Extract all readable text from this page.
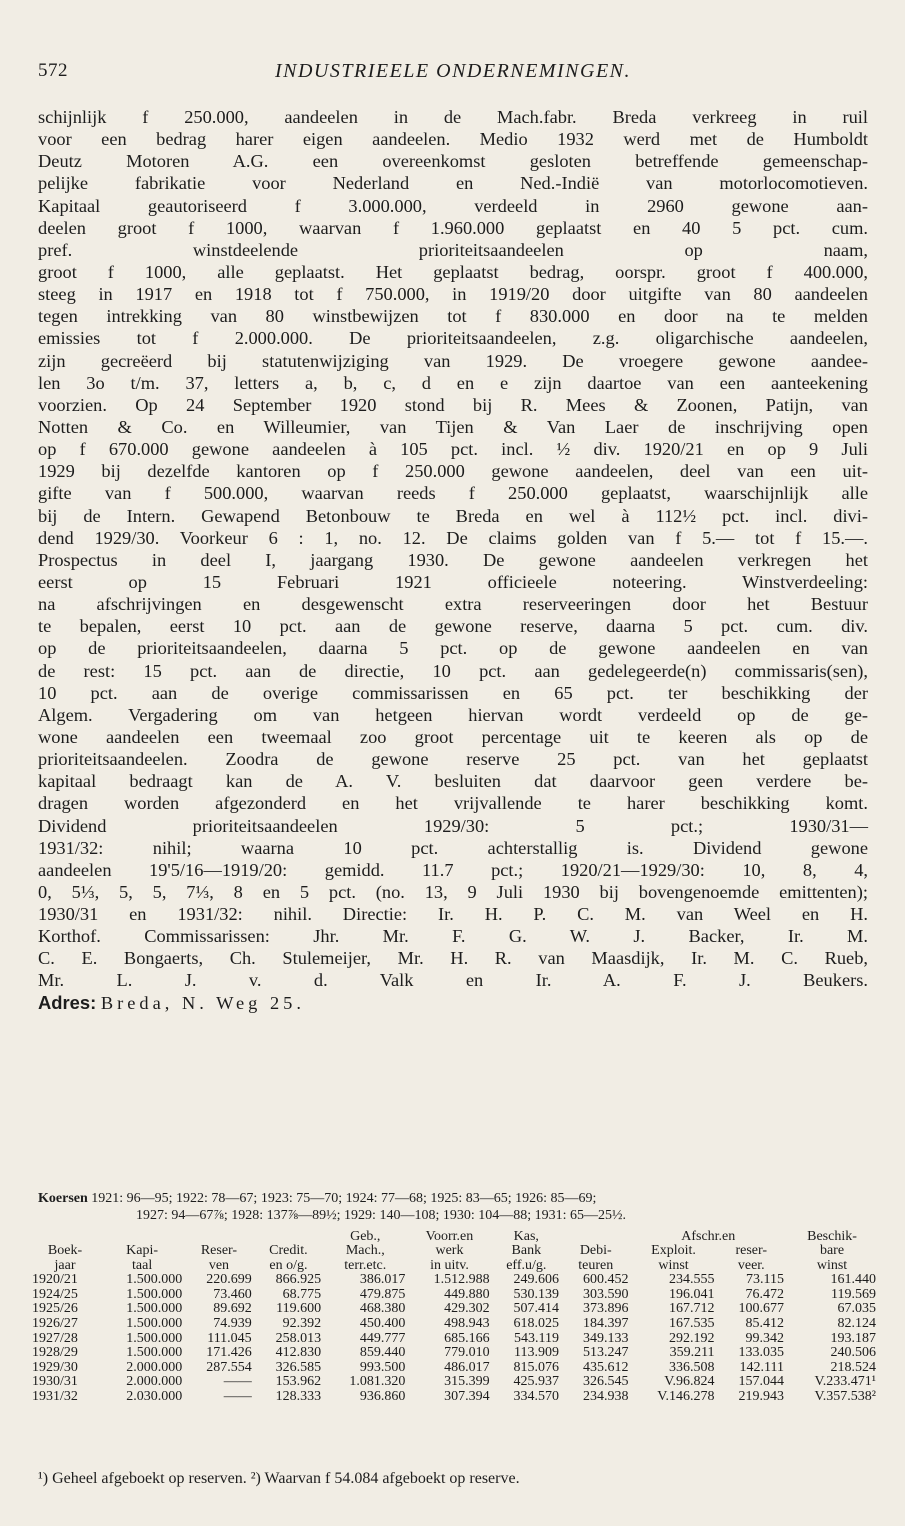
572	INDUSTRIEELE ONDERNEMINGEN.
schijnlijk f 250.000, aandeelen in de Mach.fabr. Breda verkreeg in ruil
voor een bedrag harer eigen aandeelen. Medio 1932 werd met de Humboldt
Deutz Motoren A.G. een overeenkomst gesloten betreffende gemeenschap-
pelijke fabrikatie voor Nederland en Ned.-Indië van motorlocomotieven.
Kapitaal geautoriseerd f 3.000.000, verdeeld in 2960 gewone aan-
deelen groot f 1000, waarvan f 1.960.000 geplaatst en 40 5 pct. cum.
pref. winstdeelende prioriteitsaandeelen op naam,
groot f 1000, alle geplaatst. Het geplaatst bedrag, oorspr. groot f 400.000,
steeg in 1917 en 1918 tot f 750.000, in 1919/20 door uitgifte van 80 aandeelen
tegen intrekking van 80 winstbewijzen tot f 830.000 en door na te melden
emissies tot f 2.000.000. De prioriteitsaandeelen, z.g. oligarchische aandeelen,
zijn gecreëerd bij statutenwijziging van 1929. De vroegere gewone aandee-
len 3o t/m. 37, letters a, b, c, d en e zijn daartoe van een aanteekening
voorzien. Op 24 September 1920 stond bij R. Mees & Zoonen, Patijn, van
Notten & Co. en Willeumier, van Tijen & Van Laer de inschrijving open
op f 670.000 gewone aandeelen à 105 pct. incl. ½ div. 1920/21 en op 9 Juli
1929 bij dezelfde kantoren op f 250.000 gewone aandeelen, deel van een uit-
gifte van f 500.000, waarvan reeds f 250.000 geplaatst, waarschijnlijk alle
bij de Intern. Gewapend Betonbouw te Breda en wel à 112½ pct. incl. divi-
dend 1929/30. Voorkeur 6 : 1, no. 12. De claims golden van f 5.— tot f 15.—.
Prospectus in deel I, jaargang 1930. De gewone aandeelen verkregen het
eerst op 15 Februari 1921 officieele noteering. Winstverdeeling:
na afschrijvingen en desgewenscht extra reserveeringen door het Bestuur
te bepalen, eerst 10 pct. aan de gewone reserve, daarna 5 pct. cum. div.
op de prioriteitsaandeelen, daarna 5 pct. op de gewone aandeelen en van
de rest: 15 pct. aan de directie, 10 pct. aan gedelegeerde(n) commissaris(sen),
10 pct. aan de overige commissarissen en 65 pct. ter beschikking der
Algem. Vergadering om van hetgeen hiervan wordt verdeeld op de ge-
wone aandeelen een tweemaal zoo groot percentage uit te keeren als op de
prioriteitsaandeelen. Zoodra de gewone reserve 25 pct. van het geplaatst
kapitaal bedraagt kan de A. V. besluiten dat daarvoor geen verdere be-
dragen worden afgezonderd en het vrijvallende te harer beschikking komt.
Dividend prioriteitsaandeelen 1929/30: 5 pct.; 1930/31—
1931/32: nihil; waarna 10 pct. achterstallig is. Dividend gewone
aandeelen 19'5/16—1919/20: gemidd. 11.7 pct.; 1920/21—1929/30: 10, 8, 4,
0, 5⅓, 5, 5, 7⅓, 8 en 5 pct. (no. 13, 9 Juli 1930 bij bovengenoemde emittenten);
1930/31 en 1931/32: nihil. Directie: Ir. H. P. C. M. van Weel en H.
Korthof. Commissarissen: Jhr. Mr. F. G. W. J. Backer, Ir. M.
C. E. Bongaerts, Ch. Stulemeijer, Mr. H. R. van Maasdijk, Ir. M. C. Rueb,
Mr. L. J. v. d. Valk en Ir. A. F. J. Beukers.
Adres: Breda, N. Weg 25.
Koersen 1921: 96—95; 1922: 78—67; 1923: 75—70; 1924: 77—68; 1925: 83—65; 1926: 85—69;
1927: 94—67⅞; 1928: 137⅞—89½; 1929: 140—108; 1930: 104—88; 1931: 65—25½.
				Geb.,	Voorr.en	Kas,		Afschr.en		Beschik-
Boek-	Kapi-	Reser-	Credit.	Mach.,	werk	Bank	Debi-	Exploit.	reser-	bare
jaar	taal	ven	en o/g.	terr.etc.	in uitv.	eff.u/g.	teuren	winst	veer.	winst
1920/21	1.500.000	220.699	866.925	386.017	1.512.988	249.606	600.452	234.555	73.115	161.440
1924/25	1.500.000	73.460	68.775	479.875	449.880	530.139	303.590	196.041	76.472	119.569
1925/26	1.500.000	89.692	119.600	468.380	429.302	507.414	373.896	167.712	100.677	67.035
1926/27	1.500.000	74.939	92.392	450.400	498.943	618.025	184.397	167.535	85.412	82.124
1927/28	1.500.000	111.045	258.013	449.777	685.166	543.119	349.133	292.192	99.342	193.187
1928/29	1.500.000	171.426	412.830	859.440	779.010	113.909	513.247	359.211	133.035	240.506
1929/30	2.000.000	287.554	326.585	993.500	486.017	815.076	435.612	336.508	142.111	218.524
1930/31	2.000.000	——	153.962	1.081.320	315.399	425.937	326.545	V.96.824	157.044	V.233.471¹
1931/32	2.030.000	——	128.333	936.860	307.394	334.570	234.938	V.146.278	219.943	V.357.538²
¹) Geheel afgeboekt op reserven. ²) Waarvan f 54.084 afgeboekt op reserve.
